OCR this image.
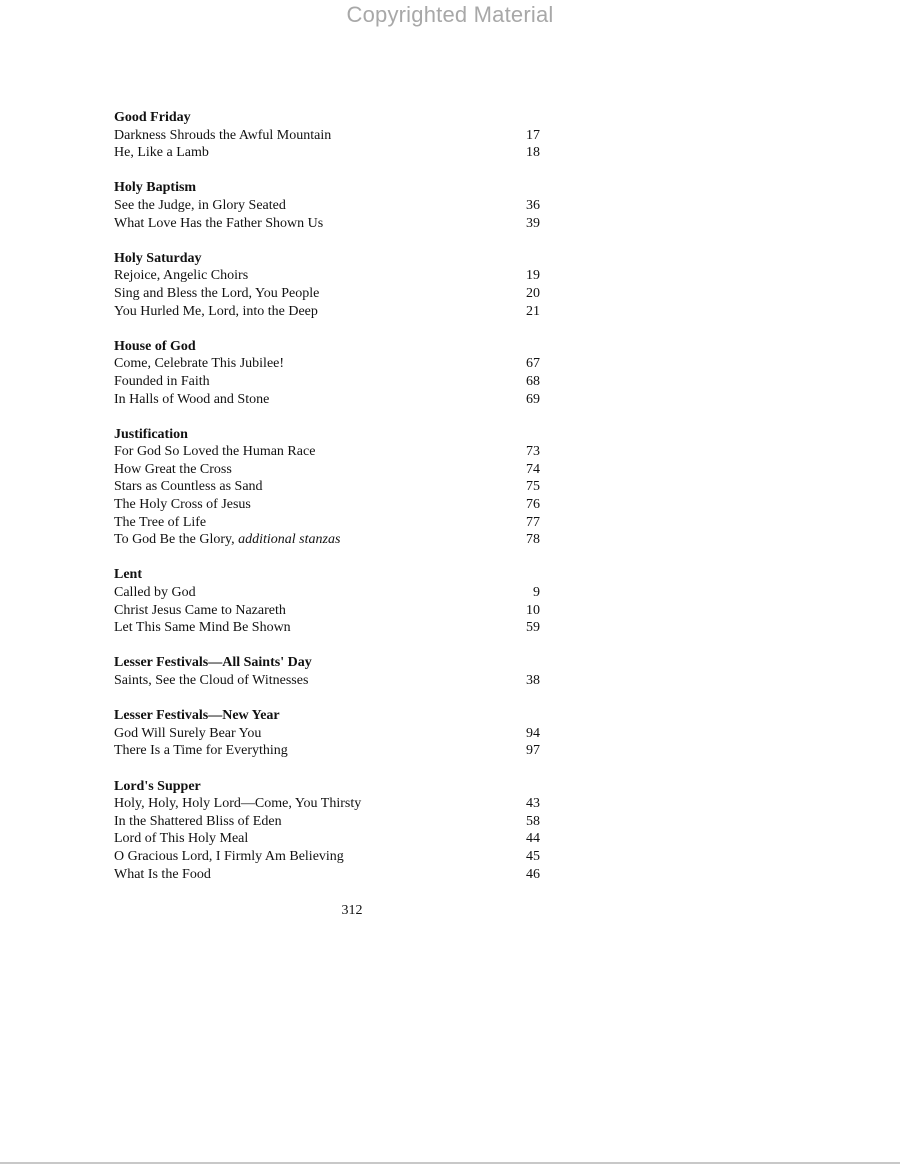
Copyrighted Material
Good Friday
Darkness Shrouds the Awful Mountain	17
He, Like a Lamb	18
Holy Baptism
See the Judge, in Glory Seated	36
What Love Has the Father Shown Us	39
Holy Saturday
Rejoice, Angelic Choirs	19
Sing and Bless the Lord, You People	20
You Hurled Me, Lord, into the Deep	21
House of God
Come, Celebrate This Jubilee!	67
Founded in Faith	68
In Halls of Wood and Stone	69
Justification
For God So Loved the Human Race	73
How Great the Cross	74
Stars as Countless as Sand	75
The Holy Cross of Jesus	76
The Tree of Life	77
To God Be the Glory, additional stanzas	78
Lent
Called by God	9
Christ Jesus Came to Nazareth	10
Let This Same Mind Be Shown	59
Lesser Festivals—All Saints' Day
Saints, See the Cloud of Witnesses	38
Lesser Festivals—New Year
God Will Surely Bear You	94
There Is a Time for Everything	97
Lord's Supper
Holy, Holy, Holy Lord—Come, You Thirsty	43
In the Shattered Bliss of Eden	58
Lord of This Holy Meal	44
O Gracious Lord, I Firmly Am Believing	45
What Is the Food	46
312
